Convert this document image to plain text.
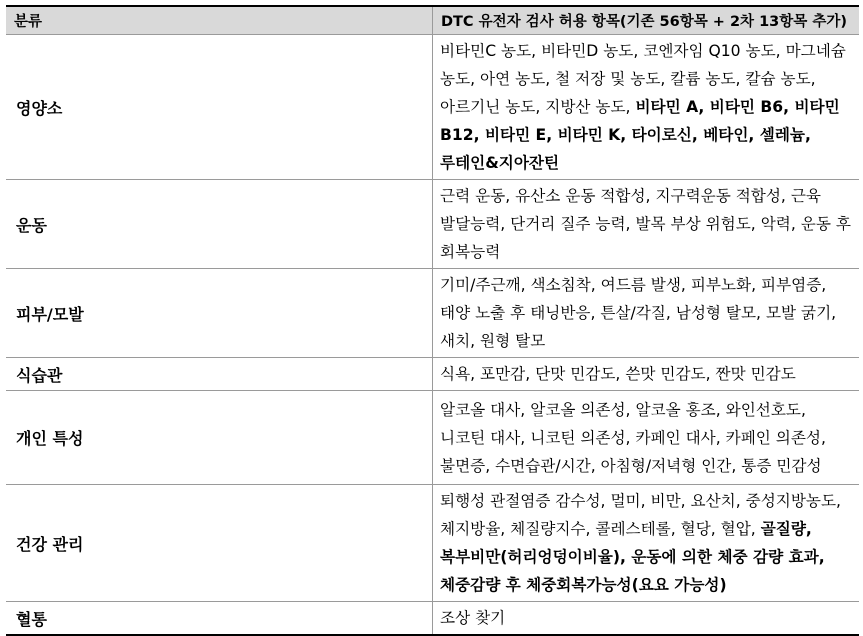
분류	DTC 유전자 검사 허용 항목(기존 56항목 + 2차 13항목 추가)
영양소	비타민C 농도, 비타민D 농도, 코엔자임 Q10 농도, 마그네슘 농도, 아연 농도, 철 저장 및 농도, 칼륨 농도, 칼슘 농도, 아르기닌 농도, 지방산 농도, 비타민 A, 비타민 B6, 비타민 B12, 비타민 E, 비타민 K, 타이로신, 베타인, 셀레늄, 루테인&지아잔틴
운동	근력 운동, 유산소 운동 적합성, 지구력운동 적합성, 근육 발달능력, 단거리 질주 능력, 발목 부상 위험도, 악력, 운동 후 회복능력
피부/모발	기미/주근깨, 색소침착, 여드름 발생, 피부노화, 피부염증, 태양 노출 후 태닝반응, 튼살/각질, 남성형 탈모, 모발 굵기, 새치, 원형 탈모
식습관	식욕, 포만감, 단맛 민감도, 쓴맛 민감도, 짠맛 민감도
개인 특성	알코올 대사, 알코올 의존성, 알코올 홍조, 와인선호도, 니코틴 대사, 니코틴 의존성, 카페인 대사, 카페인 의존성, 불면증, 수면습관/시간, 아침형/저녁형 인간, 통증 민감성
건강 관리	퇴행성 관절염증 감수성, 멀미, 비만, 요산치, 중성지방농도, 체지방율, 체질량지수, 콜레스테롤, 혈당, 혈압, 골질량, 복부비만(허리엉덩이비율), 운동에 의한 체중 감량 효과, 체중감량 후 체중회복가능성(요요 가능성)
혈통	조상 찾기
